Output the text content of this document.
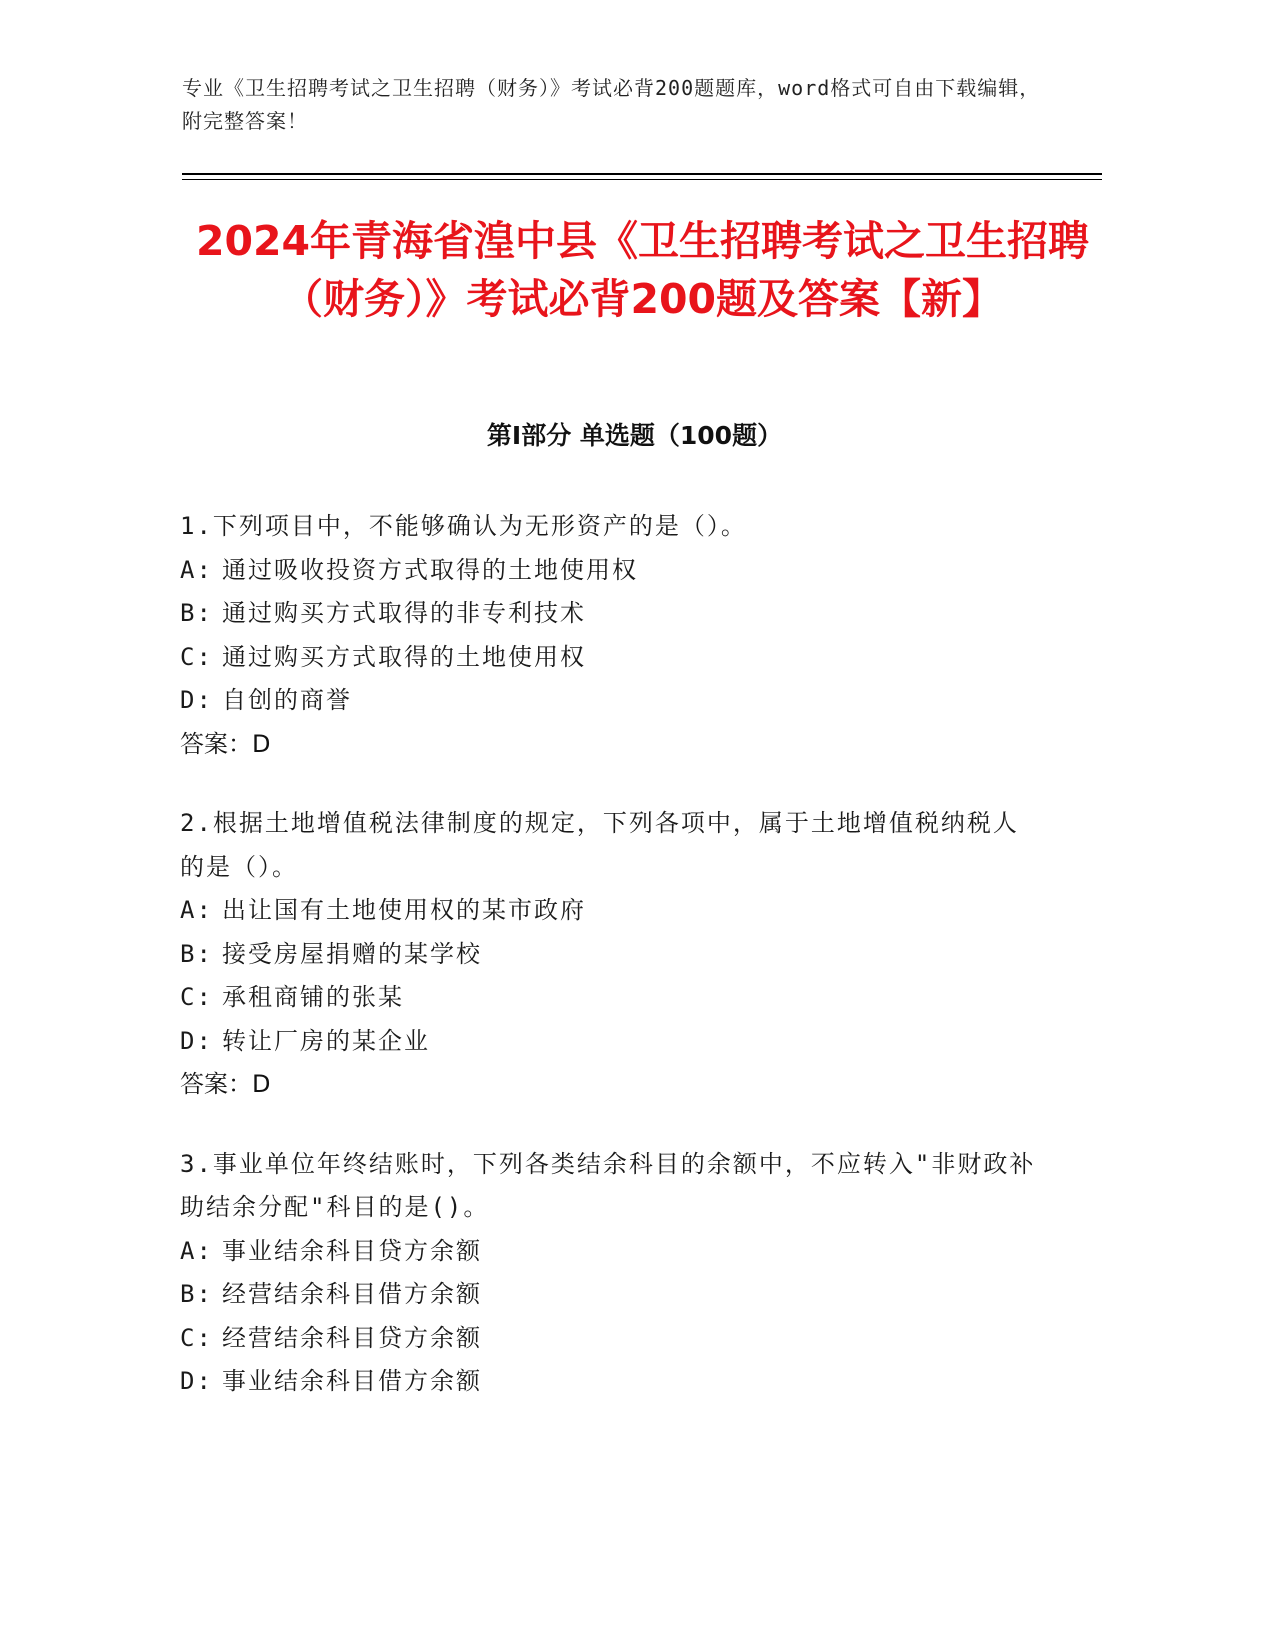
专业《卫生招聘考试之卫生招聘（财务）》考试必背200题题库，word格式可自由下载编辑，附完整答案！
2024年青海省湟中县《卫生招聘考试之卫生招聘（财务）》考试必背200题及答案【新】
第I部分 单选题（100题）

1.下列项目中，不能够确认为无形资产的是（）。

A: 通过吸收投资方式取得的土地使用权

B: 通过购买方式取得的非专利技术

C: 通过购买方式取得的土地使用权

D: 自创的商誉

答案：D

2.根据土地增值税法律制度的规定，下列各项中，属于土地增值税纳税人的是（）。

A: 出让国有土地使用权的某市政府

B: 接受房屋捐赠的某学校

C: 承租商铺的张某

D: 转让厂房的某企业

答案：D

3.事业单位年终结账时，下列各类结余科目的余额中，不应转入"非财政补助结余分配"科目的是()。

A: 事业结余科目贷方余额

B: 经营结余科目借方余额

C: 经营结余科目贷方余额

D: 事业结余科目借方余额
